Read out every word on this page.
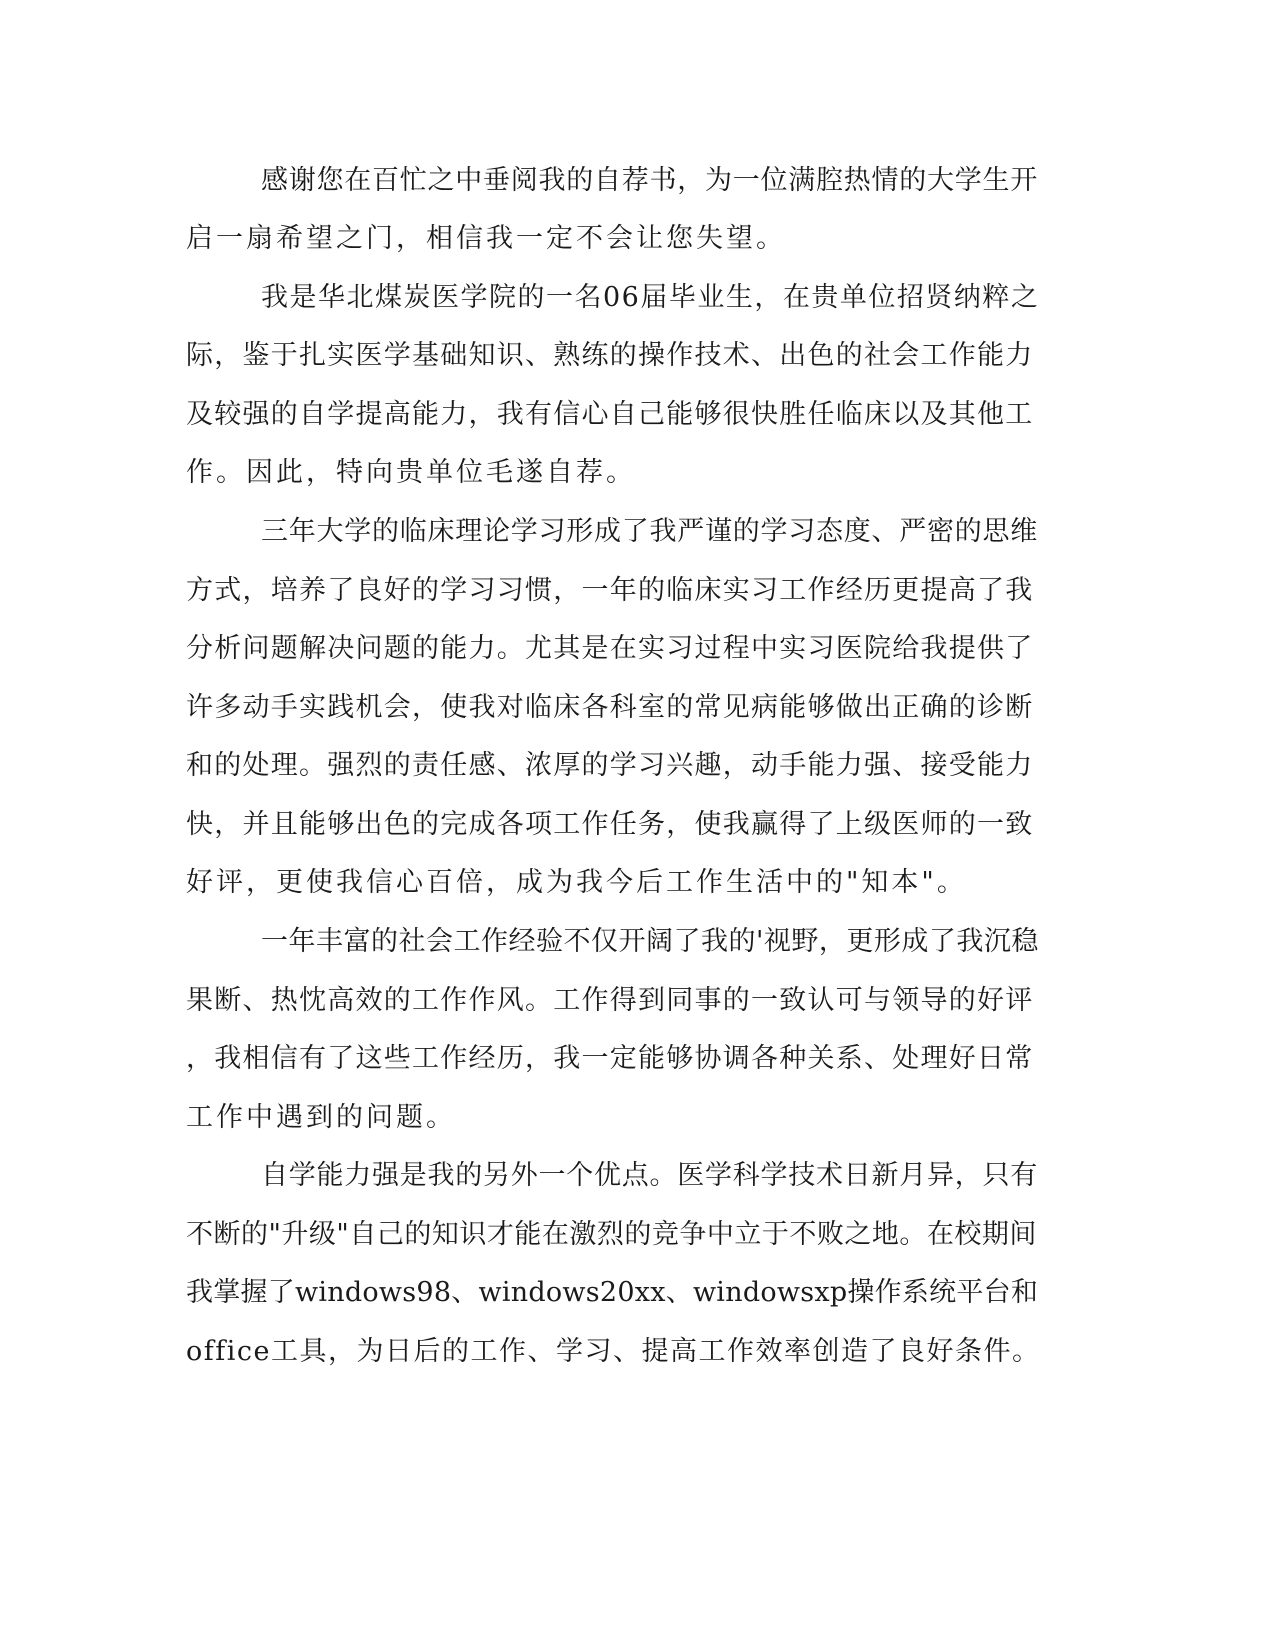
感谢您在百忙之中垂阅我的自荐书，为一位满腔热情的大学生开
启一扇希望之门，相信我一定不会让您失望。
我是华北煤炭医学院的一名06届毕业生，在贵单位招贤纳粹之
际，鉴于扎实医学基础知识、熟练的操作技术、出色的社会工作能力
及较强的自学提高能力，我有信心自己能够很快胜任临床以及其他工
作。因此，特向贵单位毛遂自荐。
三年大学的临床理论学习形成了我严谨的学习态度、严密的思维
方式，培养了良好的学习习惯，一年的临床实习工作经历更提高了我
分析问题解决问题的能力。尤其是在实习过程中实习医院给我提供了
许多动手实践机会，使我对临床各科室的常见病能够做出正确的诊断
和的处理。强烈的责任感、浓厚的学习兴趣，动手能力强、接受能力
快，并且能够出色的完成各项工作任务，使我赢得了上级医师的一致
好评，更使我信心百倍，成为我今后工作生活中的"知本"。
一年丰富的社会工作经验不仅开阔了我的'视野，更形成了我沉稳
果断、热忱高效的工作作风。工作得到同事的一致认可与领导的好评
，我相信有了这些工作经历，我一定能够协调各种关系、处理好日常
工作中遇到的问题。
自学能力强是我的另外一个优点。医学科学技术日新月异，只有
不断的"升级"自己的知识才能在激烈的竞争中立于不败之地。在校期间
我掌握了windows98、windows20xx、windowsxp操作系统平台和
office工具，为日后的工作、学习、提高工作效率创造了良好条件。
